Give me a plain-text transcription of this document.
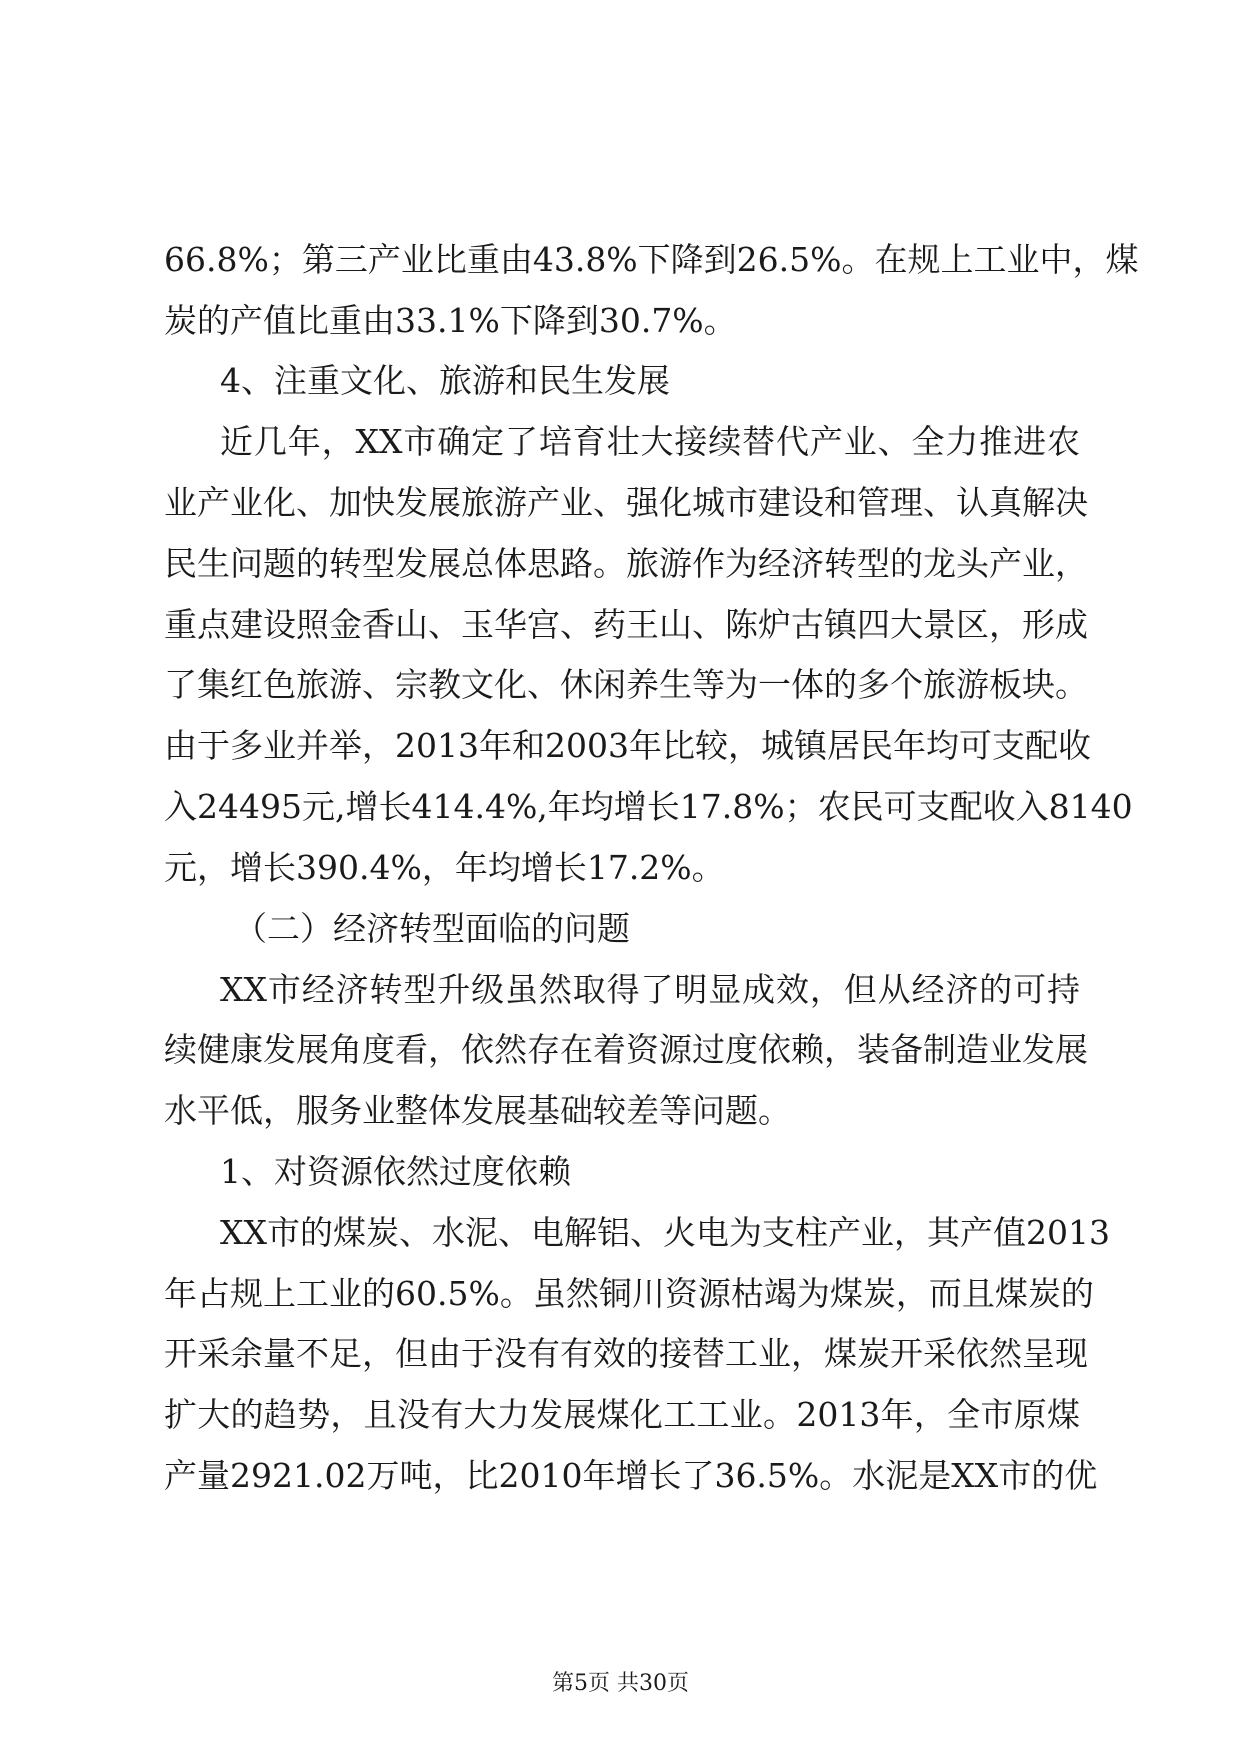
66.8%；第三产业比重由43.8%下降到26.5%。在规上工业中，煤
炭的产值比重由33.1%下降到30.7%。
4、注重文化、旅游和民生发展
近几年，XX市确定了培育壮大接续替代产业、全力推进农
业产业化、加快发展旅游产业、强化城市建设和管理、认真解决
民生问题的转型发展总体思路。旅游作为经济转型的龙头产业，
重点建设照金香山、玉华宫、药王山、陈炉古镇四大景区，形成
了集红色旅游、宗教文化、休闲养生等为一体的多个旅游板块。
由于多业并举，2013年和2003年比较，城镇居民年均可支配收
入24495元,增长414.4%,年均增长17.8%；农民可支配收入8140
元，增长390.4%，年均增长17.2%。
（二）经济转型面临的问题
XX市经济转型升级虽然取得了明显成效，但从经济的可持
续健康发展角度看，依然存在着资源过度依赖，装备制造业发展
水平低，服务业整体发展基础较差等问题。
1、对资源依然过度依赖
XX市的煤炭、水泥、电解铝、火电为支柱产业，其产值2013
年占规上工业的60.5%。虽然铜川资源枯竭为煤炭，而且煤炭的
开采余量不足，但由于没有有效的接替工业，煤炭开采依然呈现
扩大的趋势，且没有大力发展煤化工工业。2013年，全市原煤
产量2921.02万吨，比2010年增长了36.5%。水泥是XX市的优
第5页 共30页
